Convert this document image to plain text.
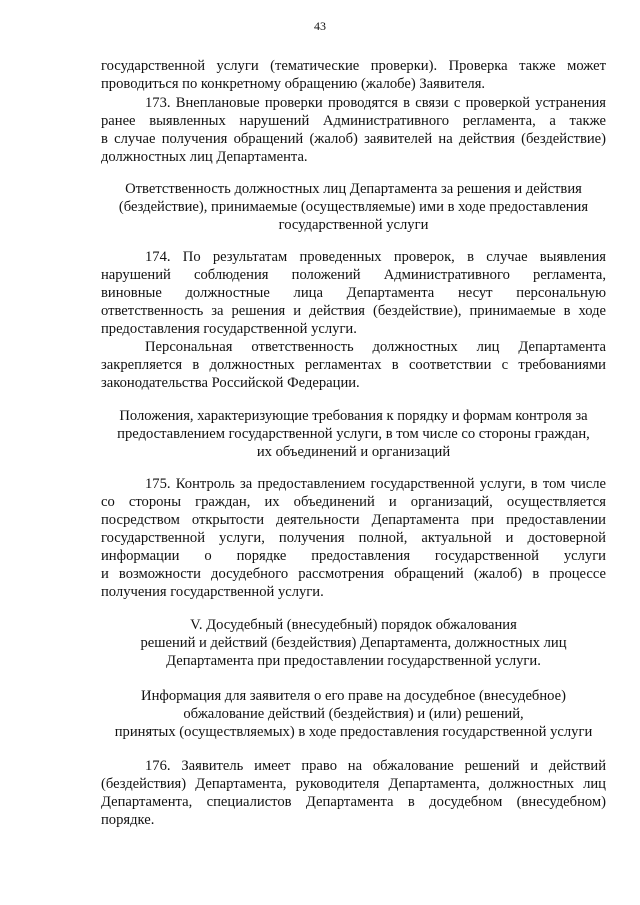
43
государственной услуги (тематические проверки). Проверка также может
проводиться по конкретному обращению (жалобе) Заявителя.
173. Внеплановые проверки проводятся в связи с проверкой устранения
ранее выявленных нарушений Административного регламента, а также
в случае получения обращений (жалоб) заявителей на действия (бездействие)
должностных лиц Департамента.
Ответственность должностных лиц Департамента за решения и действия
(бездействие), принимаемые (осуществляемые) ими в ходе предоставления
государственной услуги
174. По результатам проведенных проверок, в случае выявления
нарушений соблюдения положений Административного регламента,
виновные должностные лица Департамента несут персональную
ответственность за решения и действия (бездействие), принимаемые в ходе
предоставления государственной услуги.
Персональная ответственность должностных лиц Департамента
закрепляется в должностных регламентах в соответствии с требованиями
законодательства Российской Федерации.
Положения, характеризующие требования к порядку и формам контроля за
предоставлением государственной услуги, в том числе со стороны граждан,
их объединений и организаций
175. Контроль за предоставлением государственной услуги, в том числе
со стороны граждан, их объединений и организаций, осуществляется
посредством открытости деятельности Департамента при предоставлении
государственной услуги, получения полной, актуальной и достоверной
информации о порядке предоставления государственной услуги
и возможности досудебного рассмотрения обращений (жалоб) в процессе
получения государственной услуги.
V. Досудебный (внесудебный) порядок обжалования
решений и действий (бездействия) Департамента, должностных лиц
Департамента при предоставлении государственной услуги.
Информация для заявителя о его праве на досудебное (внесудебное)
обжалование действий (бездействия) и (или) решений,
принятых (осуществляемых) в ходе предоставления государственной услуги
176. Заявитель имеет право на обжалование решений и действий
(бездействия) Департамента, руководителя Департамента, должностных лиц
Департамента, специалистов Департамента в досудебном (внесудебном)
порядке.
